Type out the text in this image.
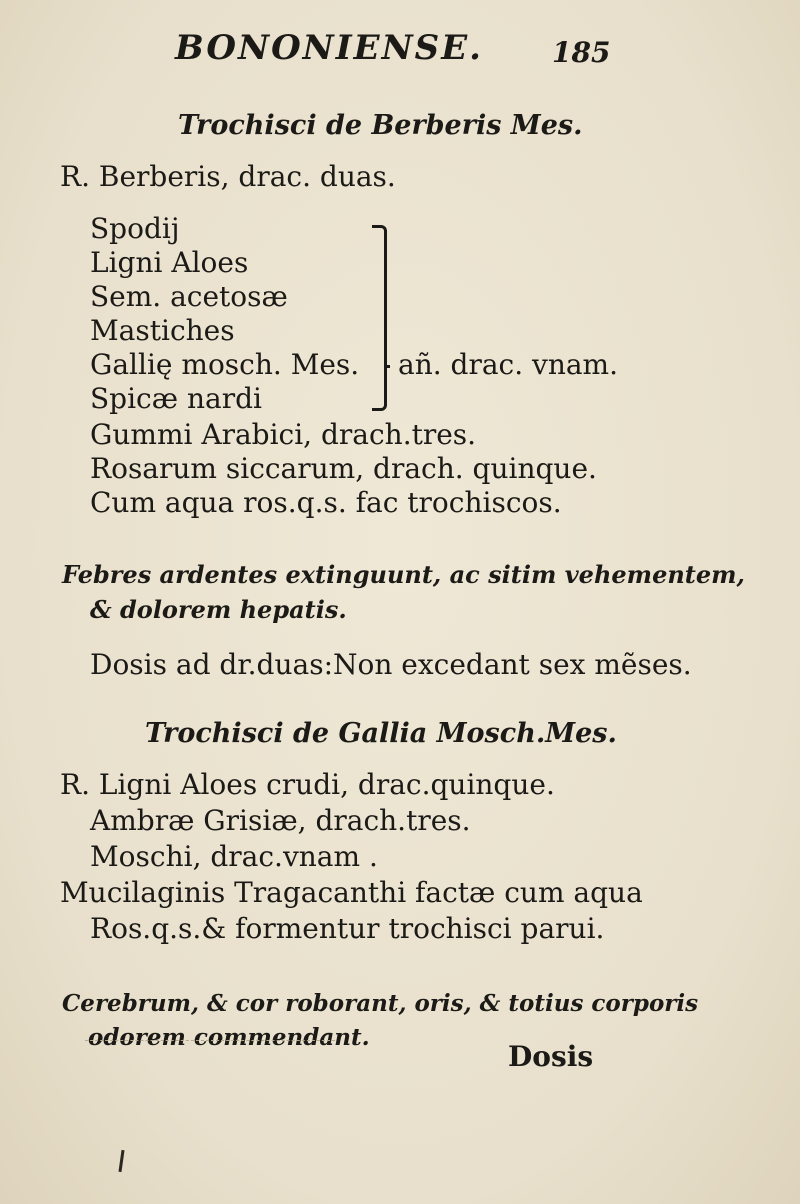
BONONIENSE. 185
Trochisci de Berberis Mes.
R. Berberis, drac. duas.
Spodij
Ligni Aloes
Sem. acetosæ
Mastiches
Gallię mosch. Mes.
Spicæ nardi
añ. drac. vnam.
Gummi Arabici, drach.tres.
Rosarum siccarum, drach. quinque.
Cum aqua ros.q.s. fac trochiscos.
Febres ardentes extinguunt, ac sitim vehementem,
& dolorem hepatis.
Dosis ad dr.duas:Non excedant sex mẽses.
Trochisci de Gallia Mosch.Mes.
R. Ligni Aloes crudi, drac.quinque.
Ambræ Grisiæ, drach.tres.
Moschi, drac.vnam .
Mucilaginis Tragacanthi factæ cum aqua
Ros.q.s.& formentur trochisci parui.
Cerebrum, & cor roborant, oris, & totius corporis
odorem commendant.
Dosis
